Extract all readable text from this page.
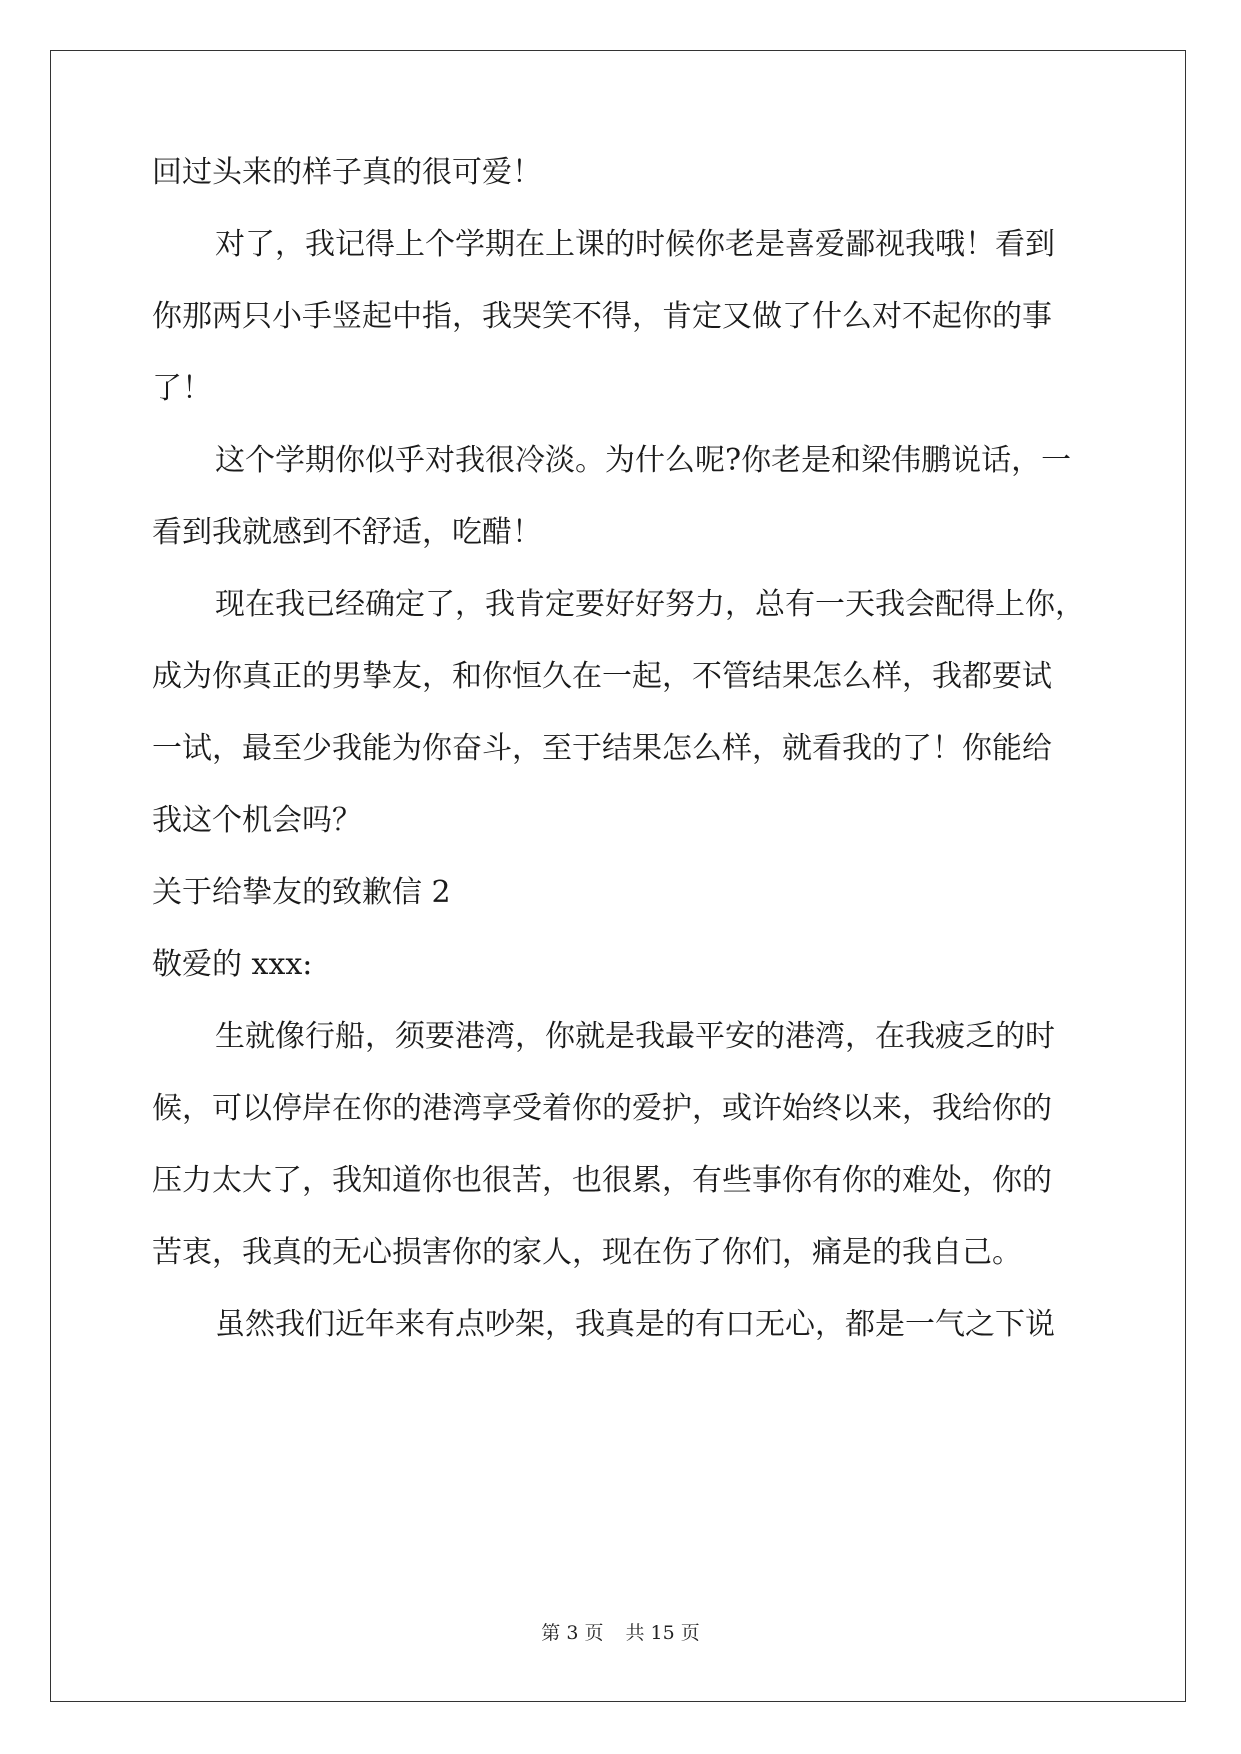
回过头来的样子真的很可爱！
对了，我记得上个学期在上课的时候你老是喜爱鄙视我哦！看到
你那两只小手竖起中指，我哭笑不得，肯定又做了什么对不起你的事
了！
这个学期你似乎对我很冷淡。为什么呢?你老是和梁伟鹏说话，一
看到我就感到不舒适，吃醋！
现在我已经确定了，我肯定要好好努力，总有一天我会配得上你，
成为你真正的男挚友，和你恒久在一起，不管结果怎么样，我都要试
一试，最至少我能为你奋斗，至于结果怎么样，就看我的了！你能给
我这个机会吗？
关于给挚友的致歉信 2
敬爱的 xxx:
生就像行船，须要港湾，你就是我最平安的港湾，在我疲乏的时
候，可以停岸在你的港湾享受着你的爱护，或许始终以来，我给你的
压力太大了，我知道你也很苦，也很累，有些事你有你的难处，你的
苦衷，我真的无心损害你的家人，现在伤了你们，痛是的我自己。
虽然我们近年来有点吵架，我真是的有口无心，都是一气之下说
第 3 页 共 15 页
